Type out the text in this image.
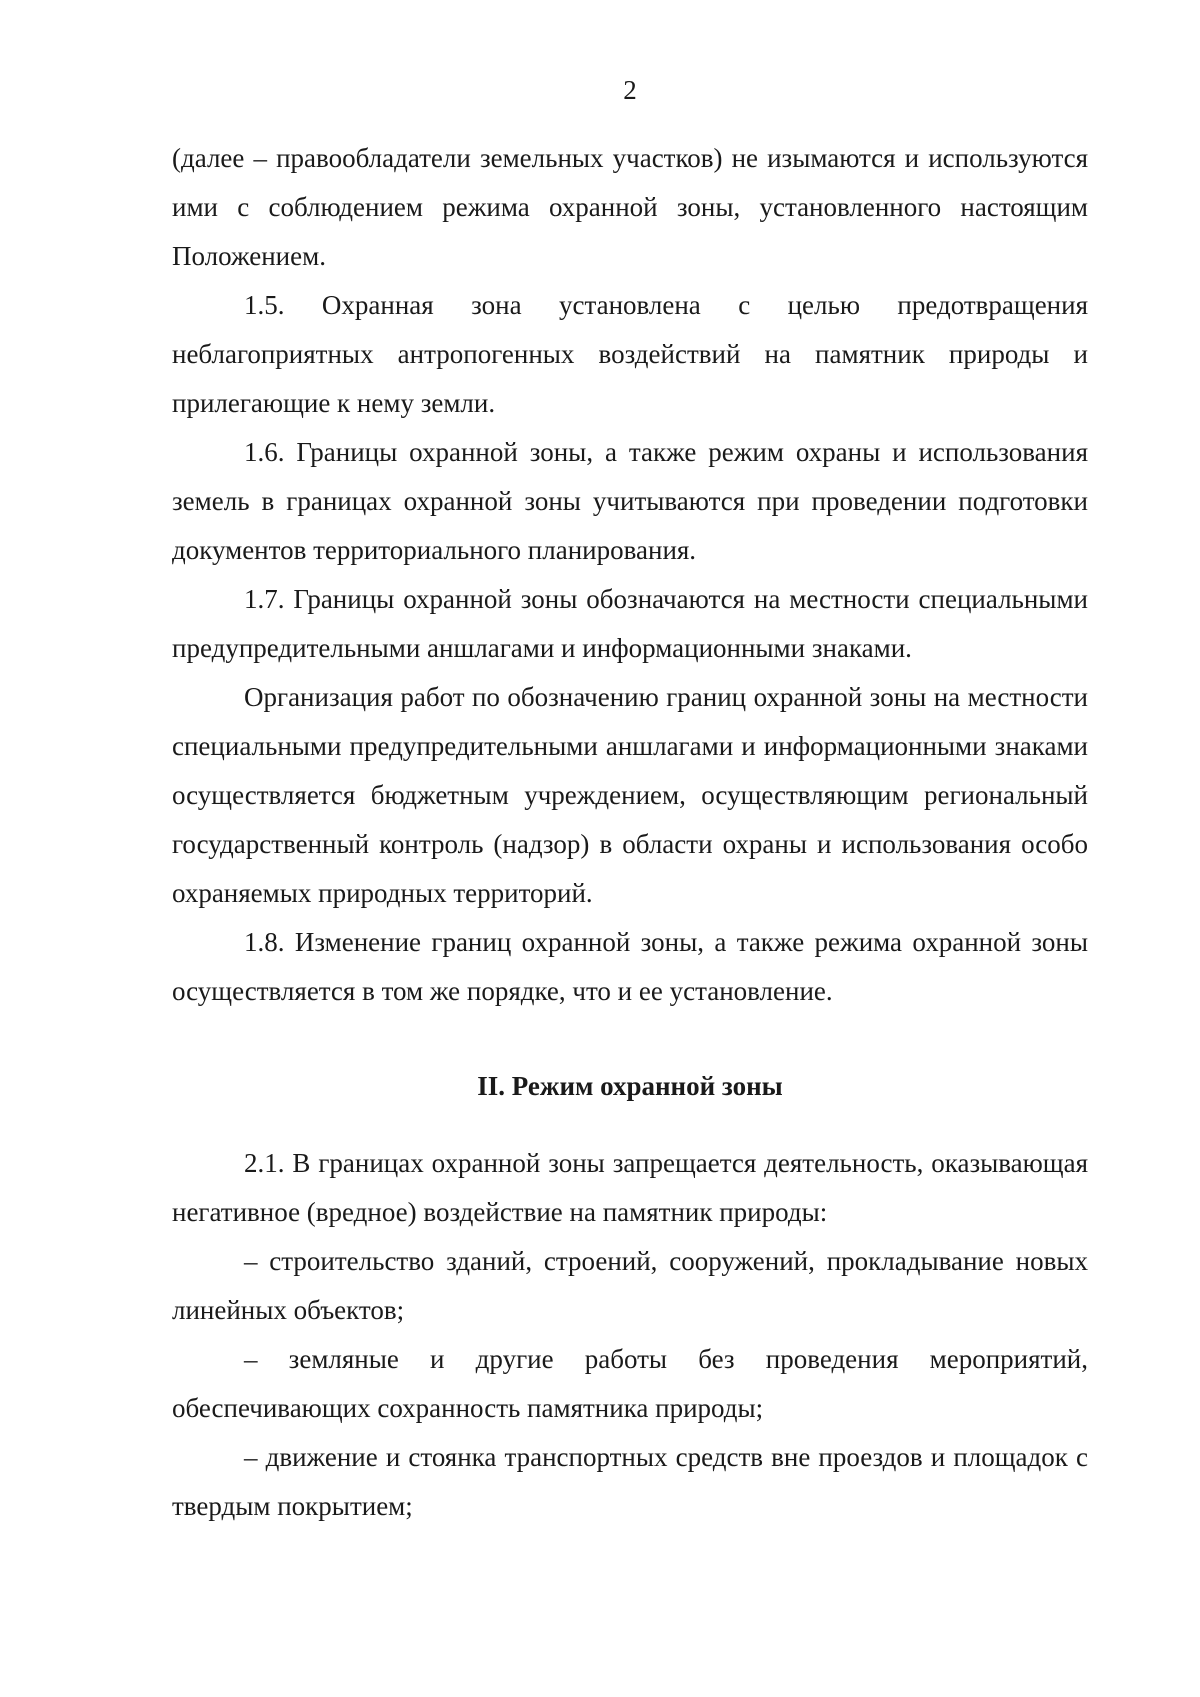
2

(далее – правообладатели земельных участков) не изымаются и используются ими с соблюдением режима охранной зоны, установленного настоящим Положением.

1.5. Охранная зона установлена с целью предотвращения неблагоприятных антропогенных воздействий на памятник природы и прилегающие к нему земли.

1.6. Границы охранной зоны, а также режим охраны и использования земель в границах охранной зоны учитываются при проведении подготовки документов территориального планирования.

1.7. Границы охранной зоны обозначаются на местности специальными предупредительными аншлагами и информационными знаками.

Организация работ по обозначению границ охранной зоны на местности специальными предупредительными аншлагами и информационными знаками осуществляется бюджетным учреждением, осуществляющим региональный государственный контроль (надзор) в области охраны и использования особо охраняемых природных территорий.

1.8. Изменение границ охранной зоны, а также режима охранной зоны осуществляется в том же порядке, что и ее установление.

II. Режим охранной зоны

2.1. В границах охранной зоны запрещается деятельность, оказывающая негативное (вредное) воздействие на памятник природы:

– строительство зданий, строений, сооружений, прокладывание новых линейных объектов;

– земляные и другие работы без проведения мероприятий, обеспечивающих сохранность памятника природы;

– движение и стоянка транспортных средств вне проездов и площадок с твердым покрытием;
